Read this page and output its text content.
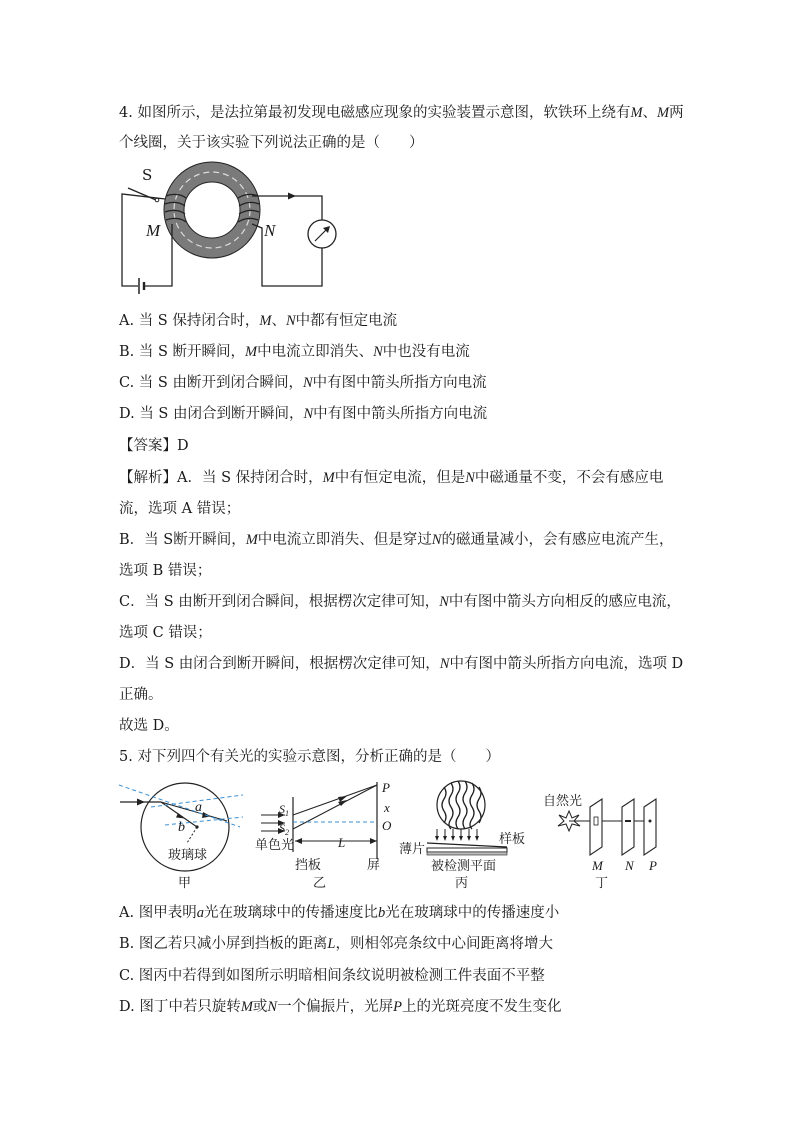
4. 如图所示，是法拉第最初发现电磁感应现象的实验装置示意图，软铁环上绕有M、M两
个线圈，关于该实验下列说法正确的是（　　）
S
M	N
A. 当 S 保持闭合时，M、N中都有恒定电流
B. 当 S 断开瞬间，M中电流立即消失、N中也没有电流
C. 当 S 由断开到闭合瞬间，N中有图中箭头所指方向电流
D. 当 S 由闭合到断开瞬间，N中有图中箭头所指方向电流
【答案】D
【解析】A．当 S 保持闭合时，M中有恒定电流，但是N中磁通量不变，不会有感应电
流，选项 A 错误；
B．当 S断开瞬间，M中电流立即消失、但是穿过N的磁通量减小，会有感应电流产生，
选项 B 错误；
C．当 S 由断开到闭合瞬间，根据楞次定律可知，N中有图中箭头方向相反的感应电流，
选项 C 错误；
D．当 S 由闭合到断开瞬间，根据楞次定律可知，N中有图中箭头所指方向电流，选项 D
正确。
故选 D。
5. 对下列四个有关光的实验示意图，分析正确的是（　　）
a
b
玻璃球
甲
$S_1$
$S_2$
P
x
O
L
单色光
挡板	屏
乙
薄片
样板
被检测平面
丙
自然光
M N P
丁
A. 图甲表明a光在玻璃球中的传播速度比b光在玻璃球中的传播速度小
B. 图乙若只减小屏到挡板的距离L，则相邻亮条纹中心间距离将增大
C. 图丙中若得到如图所示明暗相间条纹说明被检测工件表面不平整
D. 图丁中若只旋转M或N一个偏振片，光屏P上的光斑亮度不发生变化
